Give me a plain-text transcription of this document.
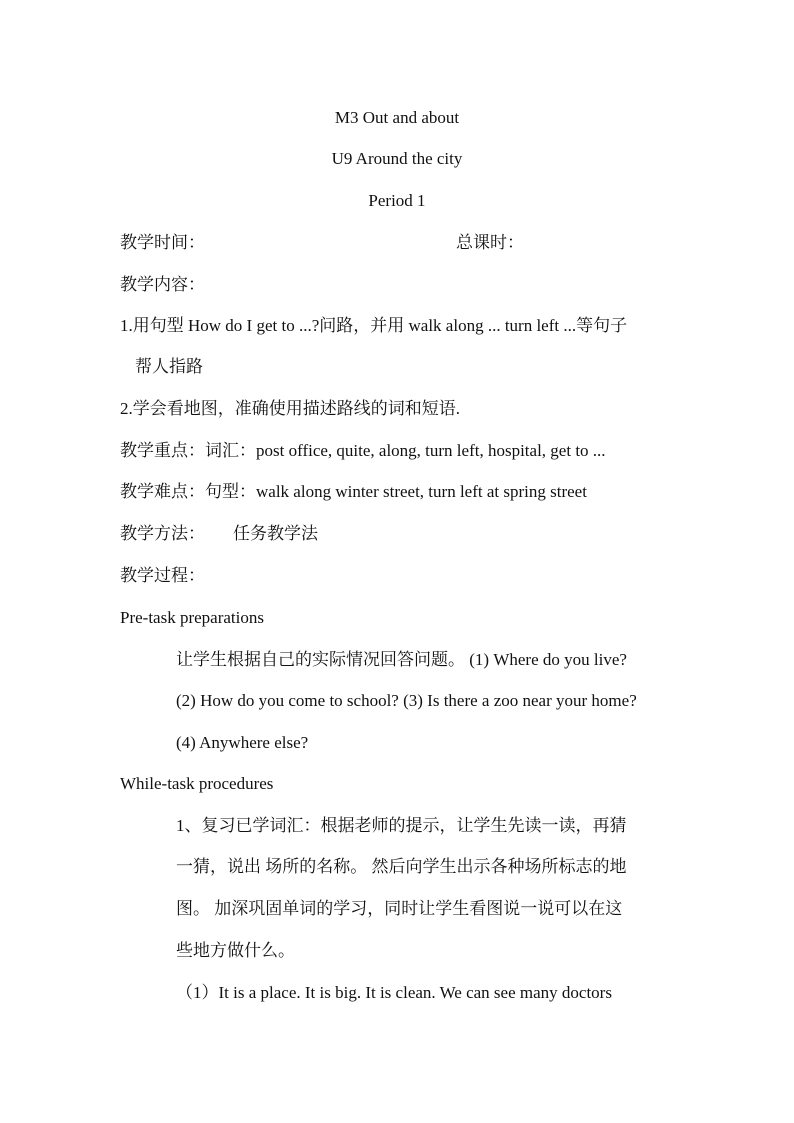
M3 Out and about
U9 Around the city
Period 1
教学时间：	总课时：
教学内容：
1.用句型 How do I get to ...?问路，并用 walk along ... turn left ...等句子
帮人指路
2.学会看地图，准确使用描述路线的词和短语.
教学重点：词汇：post office, quite, along, turn left, hospital, get to ...
教学难点：句型：walk along winter street, turn left at spring street
教学方法： 任务教学法
教学过程：
Pre-task preparations
让学生根据自己的实际情况回答问题。 (1) Where do you live?
(2) How do you come to school? (3) Is there a zoo near your home?
(4) Anywhere else?
While-task procedures
1、复习已学词汇：根据老师的提示，让学生先读一读，再猜
一猜，说出 场所的名称。 然后向学生出示各种场所标志的地
图。 加深巩固单词的学习，同时让学生看图说一说可以在这
些地方做什么。
（1）It is a place. It is big. It is clean. We can see many doctors
